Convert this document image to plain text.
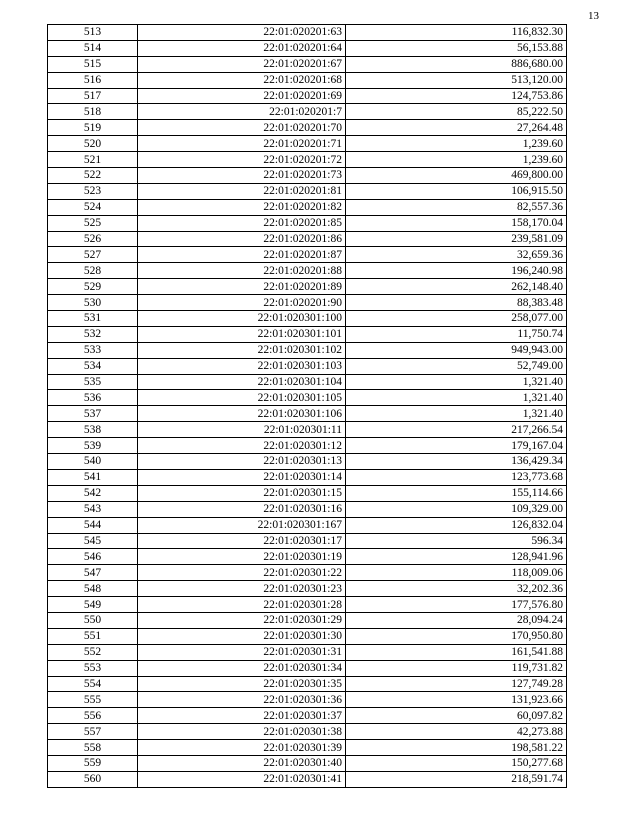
13
513	22:01:020201:63	116,832.30
514	22:01:020201:64	56,153.88
515	22:01:020201:67	886,680.00
516	22:01:020201:68	513,120.00
517	22:01:020201:69	124,753.86
518	22:01:020201:7	85,222.50
519	22:01:020201:70	27,264.48
520	22:01:020201:71	1,239.60
521	22:01:020201:72	1,239.60
522	22:01:020201:73	469,800.00
523	22:01:020201:81	106,915.50
524	22:01:020201:82	82,557.36
525	22:01:020201:85	158,170.04
526	22:01:020201:86	239,581.09
527	22:01:020201:87	32,659.36
528	22:01:020201:88	196,240.98
529	22:01:020201:89	262,148.40
530	22:01:020201:90	88,383.48
531	22:01:020301:100	258,077.00
532	22:01:020301:101	11,750.74
533	22:01:020301:102	949,943.00
534	22:01:020301:103	52,749.00
535	22:01:020301:104	1,321.40
536	22:01:020301:105	1,321.40
537	22:01:020301:106	1,321.40
538	22:01:020301:11	217,266.54
539	22:01:020301:12	179,167.04
540	22:01:020301:13	136,429.34
541	22:01:020301:14	123,773.68
542	22:01:020301:15	155,114.66
543	22:01:020301:16	109,329.00
544	22:01:020301:167	126,832.04
545	22:01:020301:17	596.34
546	22:01:020301:19	128,941.96
547	22:01:020301:22	118,009.06
548	22:01:020301:23	32,202.36
549	22:01:020301:28	177,576.80
550	22:01:020301:29	28,094.24
551	22:01:020301:30	170,950.80
552	22:01:020301:31	161,541.88
553	22:01:020301:34	119,731.82
554	22:01:020301:35	127,749.28
555	22:01:020301:36	131,923.66
556	22:01:020301:37	60,097.82
557	22:01:020301:38	42,273.88
558	22:01:020301:39	198,581.22
559	22:01:020301:40	150,277.68
560	22:01:020301:41	218,591.74
